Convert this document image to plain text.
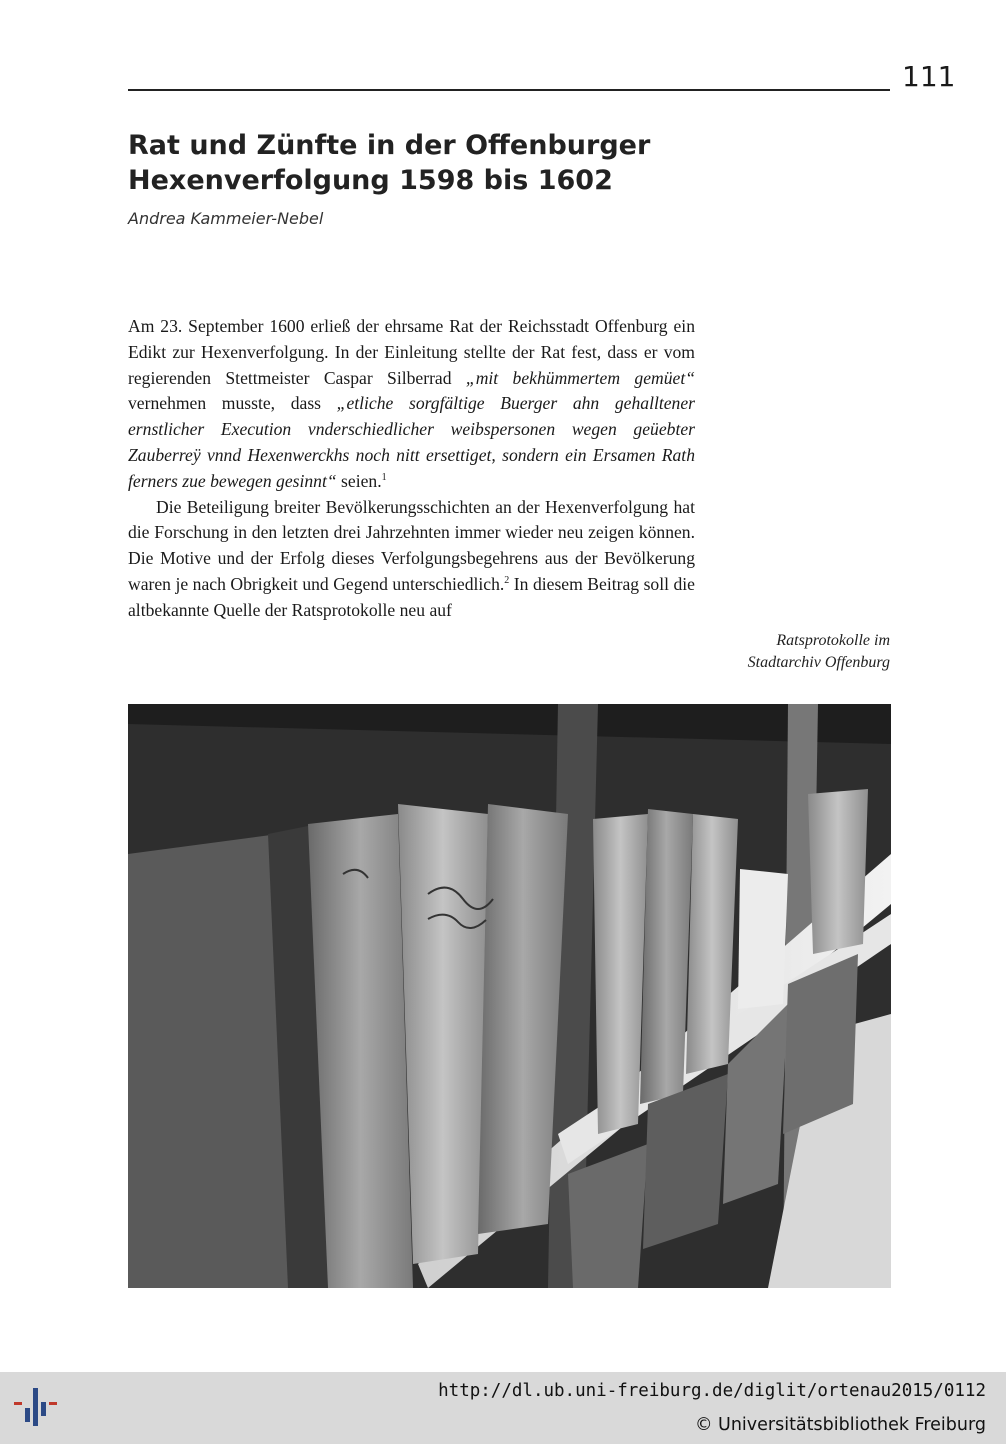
111
Rat und Zünfte in der Offenburger Hexenverfolgung 1598 bis 1602
Andrea Kammeier-Nebel

Am 23. September 1600 erließ der ehrsame Rat der Reichsstadt Offenburg ein Edikt zur Hexenverfolgung. In der Einleitung stellte der Rat fest, dass er vom regierenden Stettmeister Caspar Silberrad „mit bekhümmertem gemüet“ vernehmen musste, dass „etliche sorgfältige Buerger ahn gehalltener ernstlicher Execution vnderschiedlicher weibspersonen wegen geüebter Zauberreÿ vnnd Hexenwerckhs noch nitt ersettiget, sondern ein Ersamen Rath ferners zue bewegen gesinnt“ seien.$^1$

Die Beteiligung breiter Bevölkerungsschichten an der Hexenverfolgung hat die Forschung in den letzten drei Jahrzehnten immer wieder neu zeigen können. Die Motive und der Erfolg dieses Verfolgungsbegehrens aus der Bevölkerung waren je nach Obrigkeit und Gegend unterschiedlich.$^2$ In diesem Beitrag soll die altbekannte Quelle der Ratsprotokolle neu auf

Ratsprotokolle im
Stadtarchiv Offenburg
http://dl.ub.uni-freiburg.de/diglit/ortenau2015/0112
© Universitätsbibliothek Freiburg
